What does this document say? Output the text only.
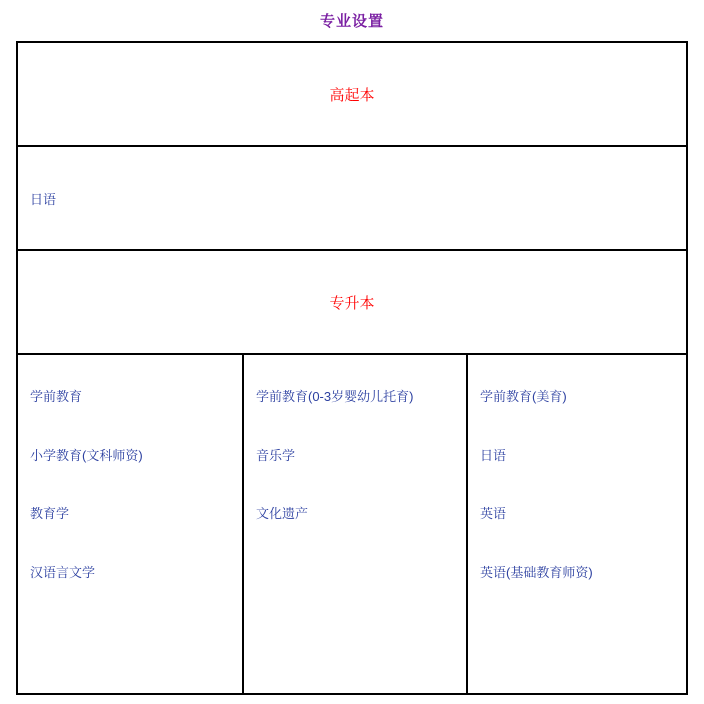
专业设置
高起本
日语
专升本
学前教育
小学教育(文科师资)
教育学
汉语言文学
学前教育(0-3岁婴幼儿托育)
音乐学
文化遗产
学前教育(美育)
日语
英语
英语(基础教育师资)
